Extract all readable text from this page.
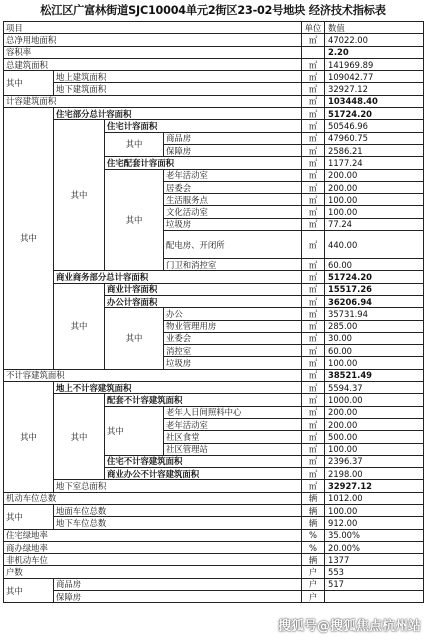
松江区广富林街道SJC10004单元2街区23-02号地块 经济技术指标表
项目				单位	数值
总净用地面积				㎡	47022.00
容积率					2.20
总建筑面积				㎡	141969.89
其中	地上建筑面积			㎡	109042.77
	地下建筑面积			㎡	32927.12
计容建筑面积				㎡	103448.40
其中	住宅部分总计容面积			㎡	51724.20
	其中	住宅计容面积		㎡	50546.96
		其中	商品房	㎡	47960.75
			保障房	㎡	2586.21
		住宅配套计容面积		㎡	1177.24
		其中	老年活动室	㎡	200.00
			居委会	㎡	200.00
			生活服务点	㎡	100.00
			文化活动室	㎡	100.00
			垃圾房	㎡	77.24
			配电房、开闭所	㎡	440.00
			门卫和消控室	㎡	60.00
	商业商务部分总计容面积			㎡	51724.20
	其中	商业计容面积		㎡	15517.26
		办公计容面积		㎡	36206.94
		其中	办公	㎡	35731.94
			物业管理用房	㎡	285.00
			业委会	㎡	30.00
			消控室	㎡	60.00
			垃圾房	㎡	100.00
不计容建筑面积				㎡	38521.49
其中	地上不计容建筑面积			㎡	5594.37
	其中	配套不计容建筑面积		㎡	1000.00
		其中	老年人日间照料中心	㎡	200.00
			老年活动室	㎡	200.00
			社区食堂	㎡	500.00
			社区管理站	㎡	100.00
		住宅不计容建筑面积		㎡	2396.37
		商业办公不计容建筑面积		㎡	2198.00
	地下室总面积			㎡	32927.12
机动车位总数				辆	1012.00
其中	地面车位总数			辆	100.00
	地下车位总数			辆	912.00
住宅绿地率				%	35.00%
商办绿地率				%	20.00%
非机动车位				辆	1377
户数				户	553
其中	商品房			户	517
	保障房			户	
搜狐号@搜狐焦点杭州站
